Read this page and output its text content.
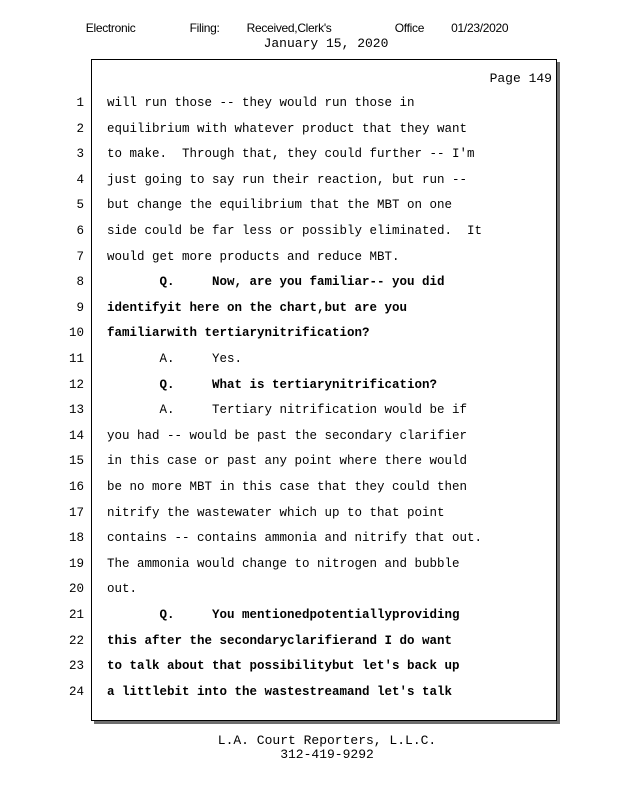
Electronic      Filing:   Received,Clerk's       Office   01/23/2020
January 15, 2020
Page 149
1 will run those -- they would run those in
2 equilibrium with whatever product that they want
3 to make.  Through that, they could further -- I'm
4 just going to say run their reaction, but run --
5 but change the equilibrium that the MBT on one
6 side could be far less or possibly eliminated.  It
7 would get more products and reduce MBT.
8 Q.     Now, are you familiar-- you did
9 identifyit here on the chart,but are you
10 familiarwith tertiarynitrification?
11 A.     Yes.
12 Q.     What is tertiarynitrification?
13 A.     Tertiary nitrification would be if
14 you had -- would be past the secondary clarifier
15 in this case or past any point where there would
16 be no more MBT in this case that they could then
17 nitrify the wastewater which up to that point
18 contains -- contains ammonia and nitrify that out.
19 The ammonia would change to nitrogen and bubble
20 out.
21 Q.     You mentionedpotentiallyproviding
22 this after the secondaryclarifierand I do want
23 to talk about that possibilitybut let's back up
24 a littlebit into the wastestreamand let's talk
L.A. Court Reporters, L.L.C.
312-419-9292
